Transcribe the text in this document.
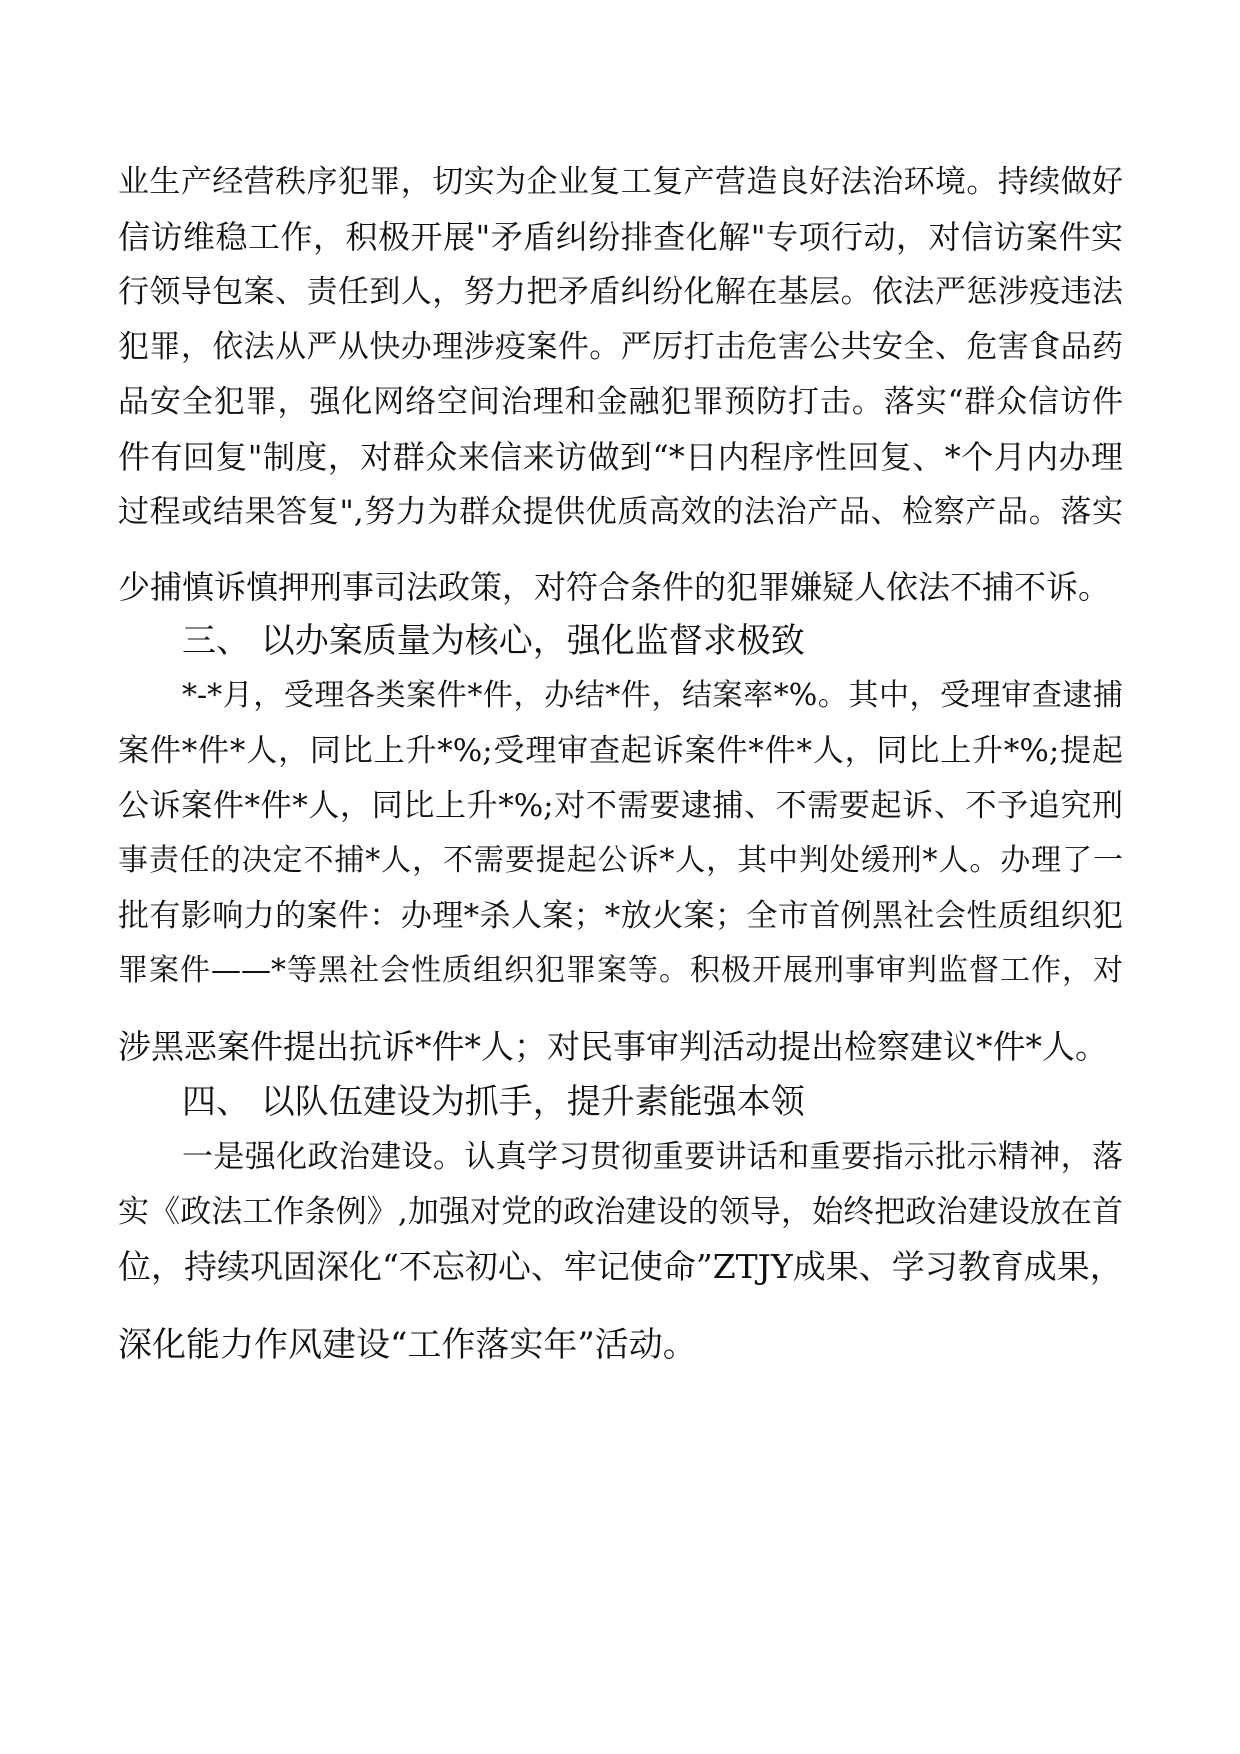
业生产经营秩序犯罪，切实为企业复工复产营造良好法治环境。持续做好
信访维稳工作，积极开展"矛盾纠纷排查化解"专项行动，对信访案件实
行领导包案、责任到人，努力把矛盾纠纷化解在基层。依法严惩涉疫违法
犯罪，依法从严从快办理涉疫案件。严厉打击危害公共安全、危害食品药
品安全犯罪，强化网络空间治理和金融犯罪预防打击。落实“群众信访件
件有回复"制度，对群众来信来访做到“*日内程序性回复、*个月内办理
过程或结果答复",努力为群众提供优质高效的法治产品、检察产品。落实
少捕慎诉慎押刑事司法政策，对符合条件的犯罪嫌疑人依法不捕不诉。
三、 以办案质量为核心，强化监督求极致
*-*月，受理各类案件*件，办结*件，结案率*%。其中，受理审查逮捕
案件*件*人，同比上升*%;受理审查起诉案件*件*人，同比上升*%;提起
公诉案件*件*人，同比上升*%;对不需要逮捕、不需要起诉、不予追究刑
事责任的决定不捕*人，不需要提起公诉*人，其中判处缓刑*人。办理了一
批有影响力的案件：办理*杀人案；*放火案；全市首例黑社会性质组织犯
罪案件——*等黑社会性质组织犯罪案等。积极开展刑事审判监督工作，对
涉黑恶案件提出抗诉*件*人；对民事审判活动提出检察建议*件*人。
四、 以队伍建设为抓手，提升素能强本领
一是强化政治建设。认真学习贯彻重要讲话和重要指示批示精神，落
实《政法工作条例》,加强对党的政治建设的领导，始终把政治建设放在首
位，持续巩固深化“不忘初心、牢记使命”ZTJY成果、学习教育成果，
深化能力作风建设“工作落实年”活动。
